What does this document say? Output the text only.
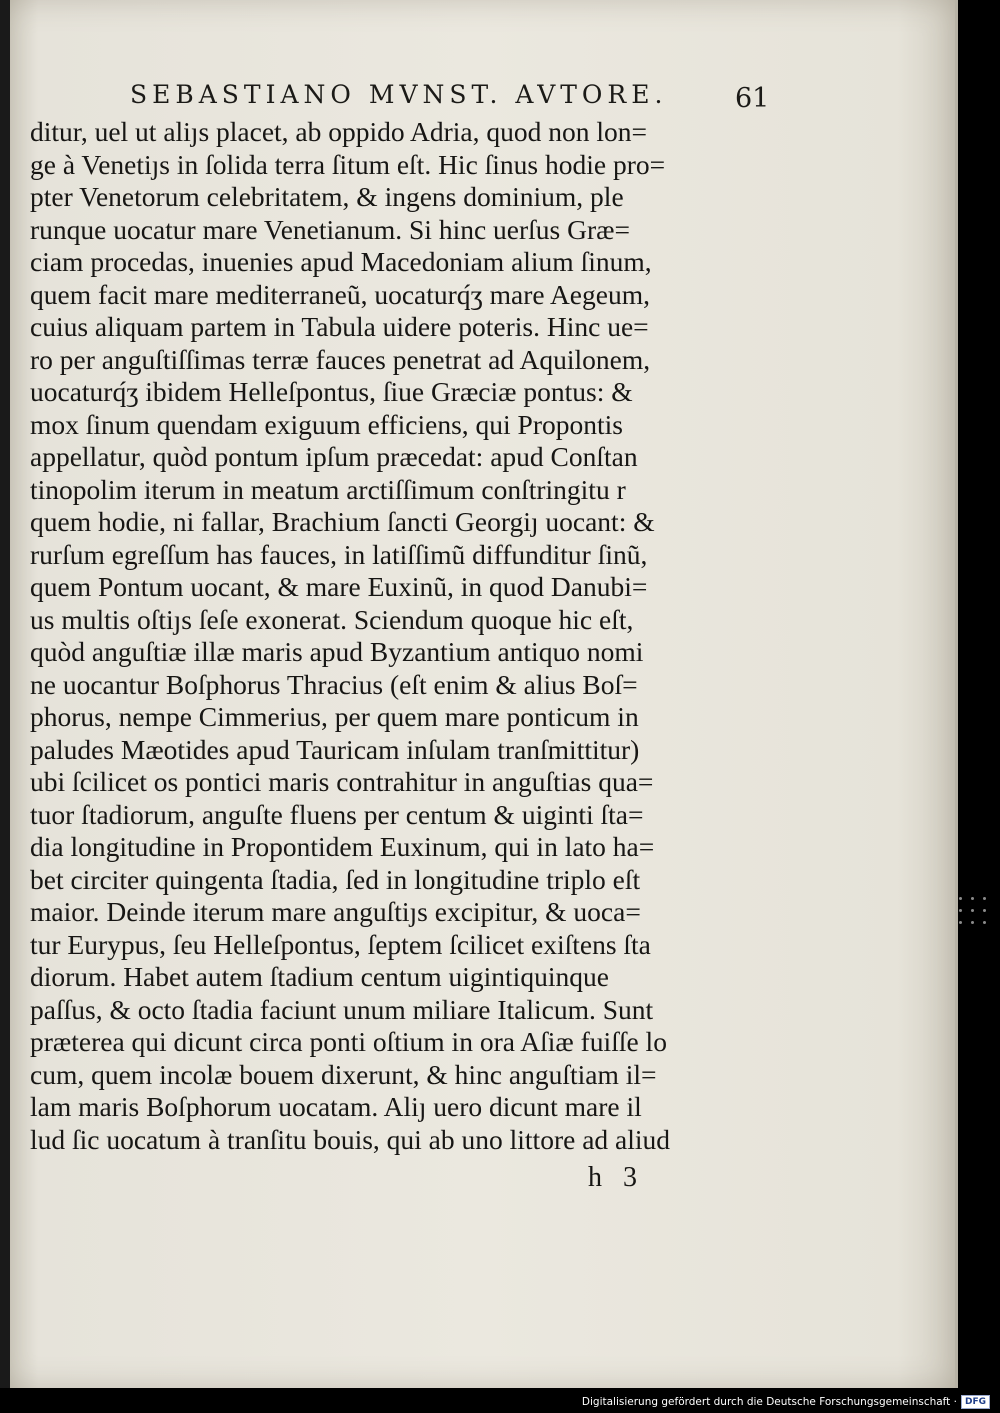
SEBASTIANO MVNST. AVTORE.	61
ditur, uel ut aliȷs placet, ab oppido Adria, quod non lon=
ge à Venetiȷs in ſolida terra ſitum eſt. Hic ſinus hodie pro=
pter Venetorum celebritatem, & ingens dominium, ple
runque uocatur mare Venetianum. Si hinc uerſus Græ=
ciam procedas, inuenies apud Macedoniam alium ſinum,
quem facit mare mediterraneũ, uocaturq́ʒ mare Aegeum,
cuius aliquam partem in Tabula uidere poteris. Hinc ue=
ro per anguſtiſſimas terræ fauces penetrat ad Aquilonem,
uocaturq́ʒ ibidem Helleſpontus, ſiue Græciæ pontus: &
mox ſinum quendam exiguum efficiens, qui Propontis
appellatur, quòd pontum ipſum præcedat: apud Conſtan
tinopolim iterum in meatum arctiſſimum conſtringitu r
quem hodie, ni fallar, Brachium ſancti Georgiȷ uocant: &
rurſum egreſſum has fauces, in latiſſimũ diffunditur ſinũ,
quem Pontum uocant, & mare Euxinũ, in quod Danubi=
us multis oſtiȷs ſeſe exonerat. Sciendum quoque hic eſt,
quòd anguſtiæ illæ maris apud Byzantium antiquo nomi
ne uocantur Boſphorus Thracius (eſt enim & alius Boſ=
phorus, nempe Cimmerius, per quem mare ponticum in
paludes Mæotides apud Tauricam inſulam tranſmittitur)
ubi ſcilicet os pontici maris contrahitur in anguſtias qua=
tuor ſtadiorum, anguſte fluens per centum & uiginti ſta=
dia longitudine in Propontidem Euxinum, qui in lato ha=
bet circiter quingenta ſtadia, ſed in longitudine triplo eſt
maior. Deinde iterum mare anguſtiȷs excipitur, & uoca=
tur Eurypus, ſeu Helleſpontus, ſeptem ſcilicet exiſtens ſta
diorum. Habet autem ſtadium centum uigintiquinque
paſſus, & octo ſtadia faciunt unum miliare Italicum. Sunt
præterea qui dicunt circa ponti oſtium in ora Aſiæ fuiſſe lo
cum, quem incolæ bouem dixerunt, & hinc anguſtiam il=
lam maris Boſphorum uocatam. Aliȷ uero dicunt mare il
lud ſic uocatum à tranſitu bouis, qui ab uno littore ad aliud
h 3
Digitalisierung gefördert durch die Deutsche Forschungsgemeinschaft · DFG
